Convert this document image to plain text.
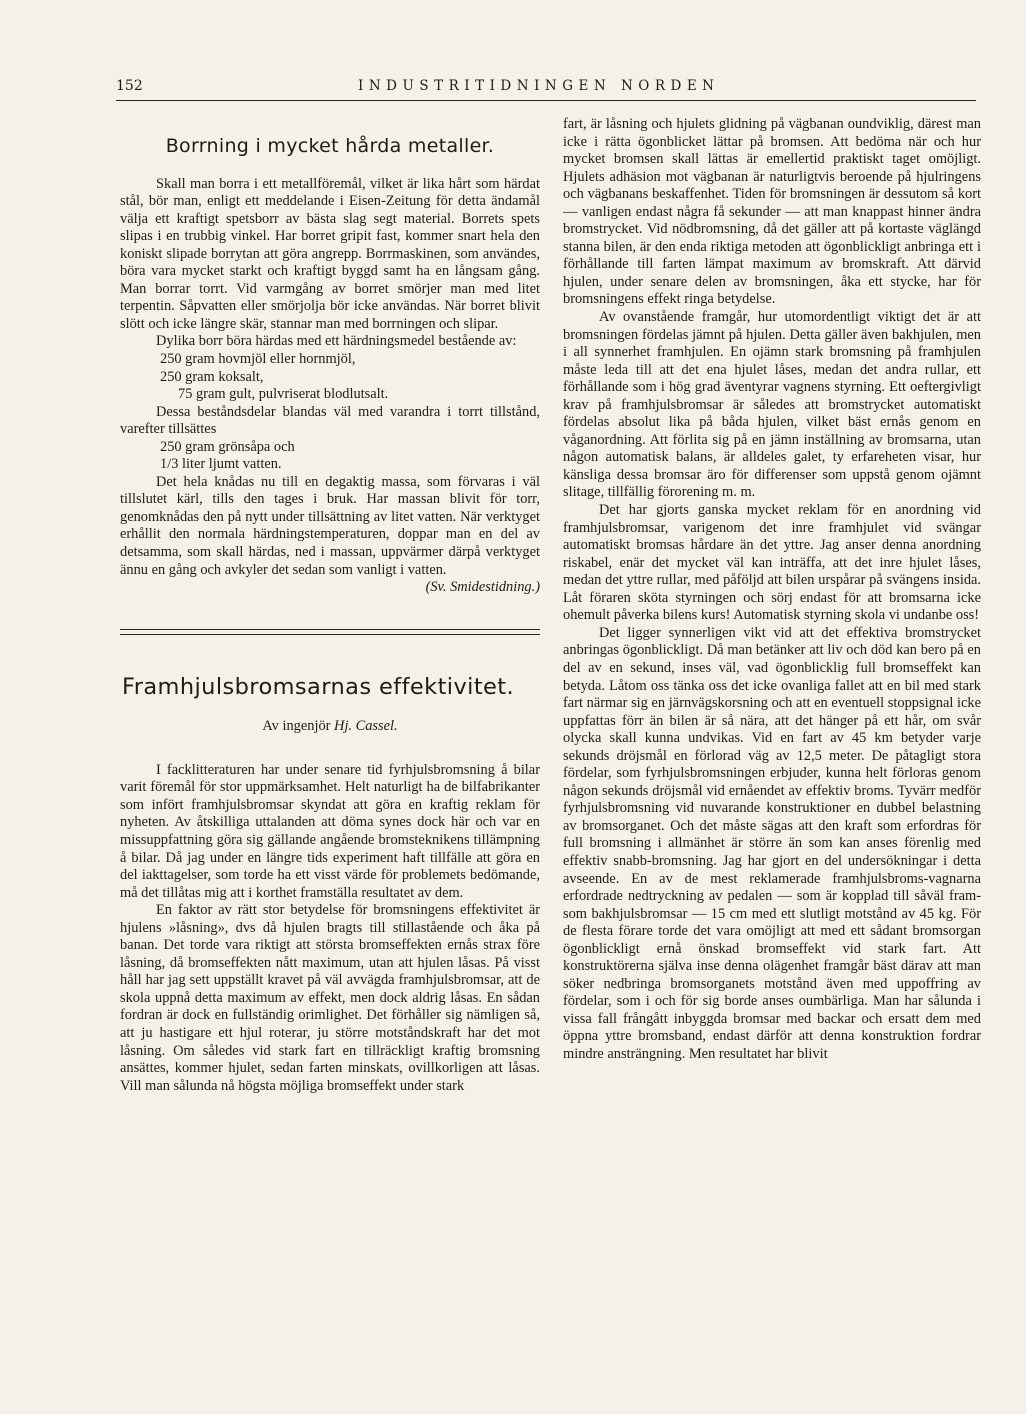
152	INDUSTRITIDNINGEN NORDEN
Borrning i mycket hårda metaller.

Skall man borra i ett metallföremål, vilket är lika hårt som härdat stål, bör man, enligt ett meddelande i Eisen-Zeitung för detta ändamål välja ett kraftigt spetsborr av bästa slag segt material. Borrets spets slipas i en trubbig vinkel. Har borret gripit fast, kommer snart hela den koniskt slipade borrytan att göra angrepp. Borrmaskinen, som användes, böra vara mycket starkt och kraftigt byggd samt ha en långsam gång. Man borrar torrt. Vid varmgång av borret smörjer man med litet terpentin. Såpvatten eller smörjolja bör icke användas. När borret blivit slött och icke längre skär, stannar man med borrningen och slipar.

Dylika borr böra härdas med ett härdningsmedel bestående av:

250 gram hovmjöl eller hornmjöl,
250 gram koksalt,
75 gram gult, pulvriserat blodlutsalt.

Dessa beståndsdelar blandas väl med varandra i torrt tillstånd, varefter tillsättes

250 gram grönsåpa och
1/3 liter ljumt vatten.

Det hela knådas nu till en degaktig massa, som förvaras i väl tillslutet kärl, tills den tages i bruk. Har massan blivit för torr, genomknådas den på nytt under tillsättning av litet vatten. När verktyget erhållit den normala härdningstemperaturen, doppar man en del av detsamma, som skall härdas, ned i massan, uppvärmer därpå verktyget ännu en gång och avkyler det sedan som vanligt i vatten.

(Sv. Smidestidning.)

Framhjulsbromsarnas effektivitet.
Av ingenjör Hj. Cassel.

I facklitteraturen har under senare tid fyrhjulsbromsning å bilar varit föremål för stor uppmärksamhet. Helt naturligt ha de bilfabrikanter som infört framhjulsbromsar skyndat att göra en kraftig reklam för nyheten. Av åtskilliga uttalanden att döma synes dock här och var en missuppfattning göra sig gällande angående bromsteknikens tillämpning å bilar. Då jag under en längre tids experiment haft tillfälle att göra en del iakttagelser, som torde ha ett visst värde för problemets bedömande, må det tillåtas mig att i korthet framställa resultatet av dem.

En faktor av rätt stor betydelse för bromsningens effektivitet är hjulens »låsning», dvs då hjulen bragts till stillastående och åka på banan. Det torde vara riktigt att största bromseffekten ernås strax före låsning, då bromseffekten nått maximum, utan att hjulen låsas. På visst håll har jag sett uppställt kravet på väl avvägda framhjulsbromsar, att de skola uppnå detta maximum av effekt, men dock aldrig låsas. En sådan fordran är dock en fullständig orimlighet. Det förhåller sig nämligen så, att ju hastigare ett hjul roterar, ju större motståndskraft har det mot låsning. Om således vid stark fart en tillräckligt kraftig bromsning ansättes, kommer hjulet, sedan farten minskats, ovillkorligen att låsas. Vill man sålunda nå högsta möjliga bromseffekt under stark

fart, är låsning och hjulets glidning på vägbanan oundviklig, därest man icke i rätta ögonblicket lättar på bromsen. Att bedöma när och hur mycket bromsen skall lättas är emellertid praktiskt taget omöjligt. Hjulets adhäsion mot vägbanan är naturligtvis beroende på hjulringens och vägbanans beskaffenhet. Tiden för bromsningen är dessutom så kort — vanligen endast några få sekunder — att man knappast hinner ändra bromstrycket. Vid nödbromsning, då det gäller att på kortaste väglängd stanna bilen, är den enda riktiga metoden att ögonblickligt anbringa ett i förhållande till farten lämpat maximum av bromskraft. Att därvid hjulen, under senare delen av bromsningen, åka ett stycke, har för bromsningens effekt ringa betydelse.

Av ovanstående framgår, hur utomordentligt viktigt det är att bromsningen fördelas jämnt på hjulen. Detta gäller även bakhjulen, men i all synnerhet framhjulen. En ojämn stark bromsning på framhjulen måste leda till att det ena hjulet låses, medan det andra rullar, ett förhållande som i hög grad äventyrar vagnens styrning. Ett oeftergivligt krav på framhjulsbromsar är således att bromstrycket automatiskt fördelas absolut lika på båda hjulen, vilket bäst ernås genom en våganordning. Att förlita sig på en jämn inställning av bromsarna, utan någon automatisk balans, är alldeles galet, ty erfareheten visar, hur känsliga dessa bromsar äro för differenser som uppstå genom ojämnt slitage, tillfällig förorening m. m.

Det har gjorts ganska mycket reklam för en anordning vid framhjulsbromsar, varigenom det inre framhjulet vid svängar automatiskt bromsas hårdare än det yttre. Jag anser denna anordning riskabel, enär det mycket väl kan inträffa, att det inre hjulet låses, medan det yttre rullar, med påföljd att bilen urspårar på svängens insida. Låt föraren sköta styrningen och sörj endast för att bromsarna icke ohemult påverka bilens kurs! Automatisk styrning skola vi undanbe oss!

Det ligger synnerligen vikt vid att det effektiva bromstrycket anbringas ögonblickligt. Då man betänker att liv och död kan bero på en del av en sekund, inses väl, vad ögonblicklig full bromseffekt kan betyda. Låtom oss tänka oss det icke ovanliga fallet att en bil med stark fart närmar sig en järnvägskorsning och att en eventuell stoppsignal icke uppfattas förr än bilen är så nära, att det hänger på ett hår, om svår olycka skall kunna undvikas. Vid en fart av 45 km betyder varje sekunds dröjsmål en förlorad väg av 12,5 meter. De påtagligt stora fördelar, som fyrhjulsbromsningen erbjuder, kunna helt förloras genom någon sekunds dröjsmål vid ernåendet av effektiv broms. Tyvärr medför fyrhjulsbromsning vid nuvarande konstruktioner en dubbel belastning av bromsorganet. Och det måste sägas att den kraft som erfordras för full bromsning i allmänhet är större än som kan anses förenlig med effektiv snabb-bromsning. Jag har gjort en del undersökningar i detta avseende. En av de mest reklamerade framhjulsbroms-vagnarna erfordrade nedtryckning av pedalen — som är kopplad till såväl fram- som bakhjulsbromsar — 15 cm med ett slutligt motstånd av 45 kg. För de flesta förare torde det vara omöjligt att med ett sådant bromsorgan ögonblickligt ernå önskad bromseffekt vid stark fart. Att konstruktörerna själva inse denna olägenhet framgår bäst därav att man söker nedbringa bromsorganets motstånd även med uppoffring av fördelar, som i och för sig borde anses oumbärliga. Man har sålunda i vissa fall frångått inbyggda bromsar med backar och ersatt dem med öppna yttre bromsband, endast därför att denna konstruktion fordrar mindre ansträngning. Men resultatet har blivit
